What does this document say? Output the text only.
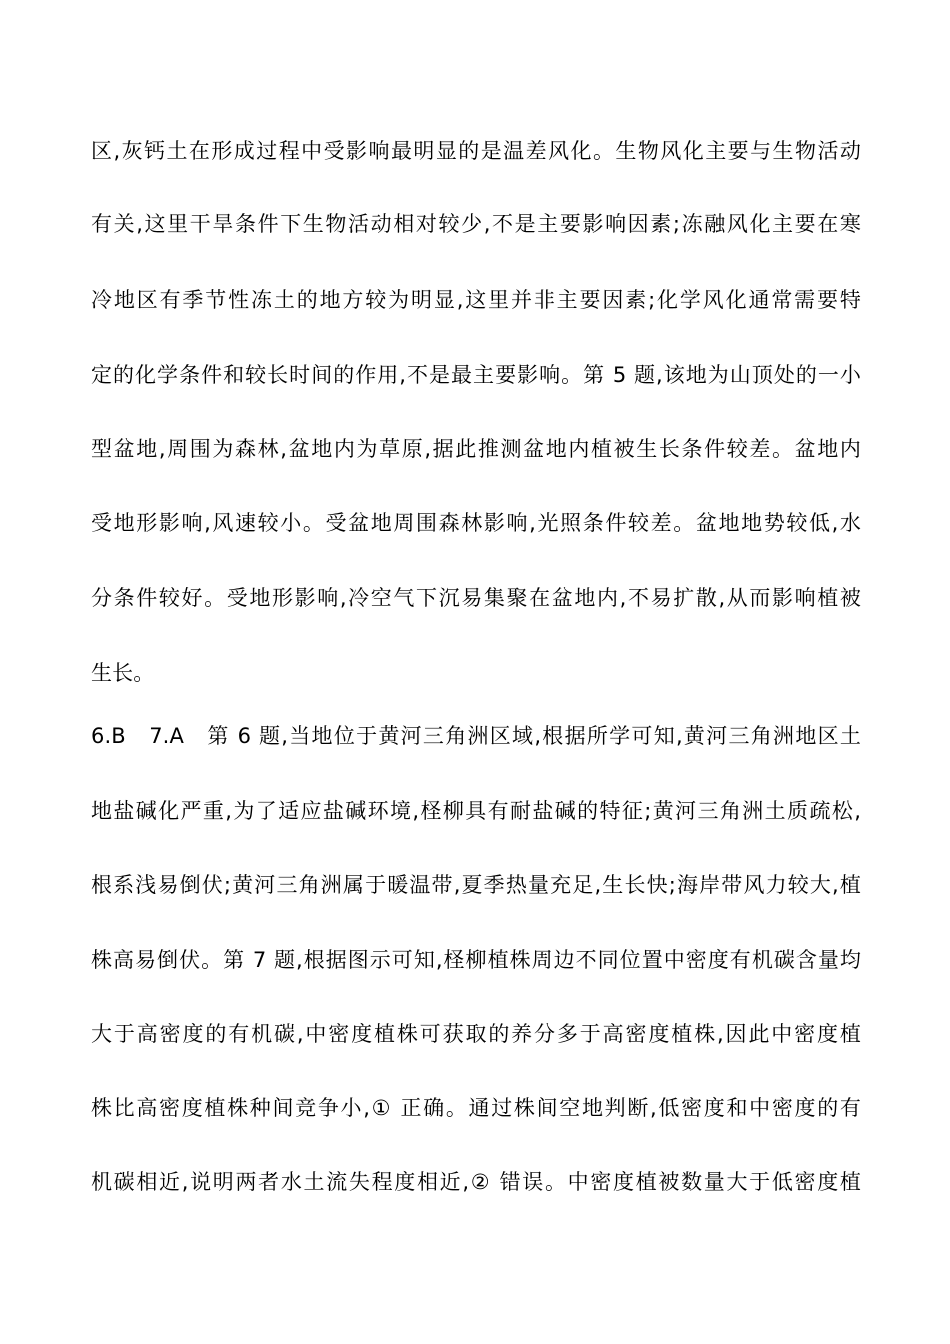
区,灰钙土在形成过程中受影响最明显的是温差风化。生物风化主要与生物活动
有关,这里干旱条件下生物活动相对较少,不是主要影响因素;冻融风化主要在寒
冷地区有季节性冻土的地方较为明显,这里并非主要因素;化学风化通常需要特
定的化学条件和较长时间的作用,不是最主要影响。第 5 题,该地为山顶处的一小
型盆地,周围为森林,盆地内为草原,据此推测盆地内植被生长条件较差。盆地内
受地形影响,风速较小。受盆地周围森林影响,光照条件较差。盆地地势较低,水
分条件较好。受地形影响,冷空气下沉易集聚在盆地内,不易扩散,从而影响植被
生长。
6.B　7.A　第 6 题,当地位于黄河三角洲区域,根据所学可知,黄河三角洲地区土
地盐碱化严重,为了适应盐碱环境,柽柳具有耐盐碱的特征;黄河三角洲土质疏松,
根系浅易倒伏;黄河三角洲属于暖温带,夏季热量充足,生长快;海岸带风力较大,植
株高易倒伏。第 7 题,根据图示可知,柽柳植株周边不同位置中密度有机碳含量均
大于高密度的有机碳,中密度植株可获取的养分多于高密度植株,因此中密度植
株比高密度植株种间竞争小,① 正确。通过株间空地判断,低密度和中密度的有
机碳相近,说明两者水土流失程度相近,② 错误。中密度植被数量大于低密度植
